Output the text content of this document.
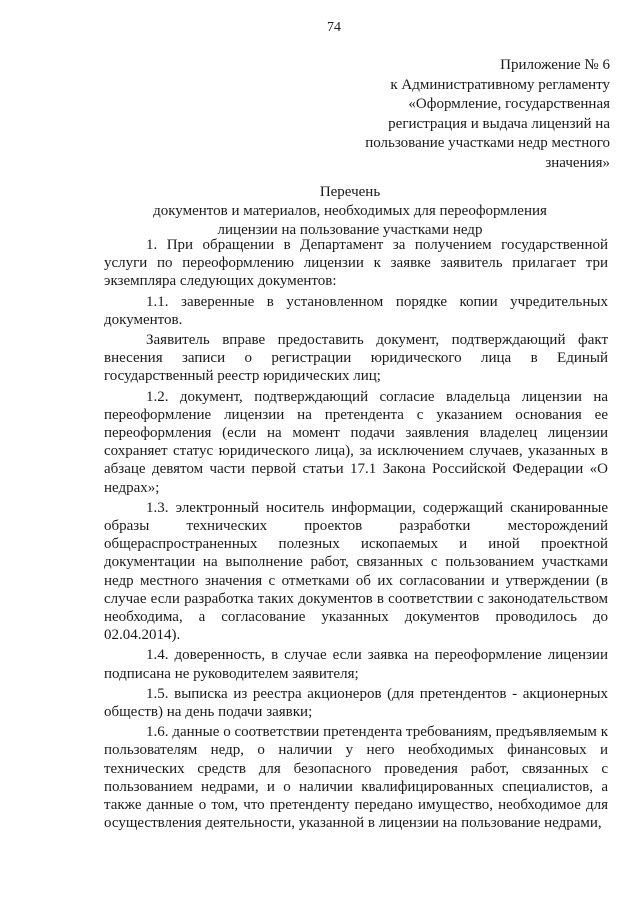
74
Приложение № 6
к Административному регламенту
«Оформление, государственная
регистрация и выдача лицензий на
пользование участками недр местного
значения»
Перечень
документов и материалов, необходимых для переоформления
лицензии на пользование участками недр

1. При обращении в Департамент за получением государственной услуги по переоформлению лицензии к заявке заявитель прилагает три экземпляра следующих документов:

1.1. заверенные в установленном порядке копии учредительных документов.

Заявитель вправе предоставить документ, подтверждающий факт внесения записи о регистрации юридического лица в Единый государственный реестр юридических лиц;

1.2. документ, подтверждающий согласие владельца лицензии на переоформление лицензии на претендента с указанием основания ее переоформления (если на момент подачи заявления владелец лицензии сохраняет статус юридического лица), за исключением случаев, указанных в абзаце девятом части первой статьи 17.1 Закона Российской Федерации «О недрах»;

1.3. электронный носитель информации, содержащий сканированные образы технических проектов разработки месторождений общераспространенных полезных ископаемых и иной проектной документации на выполнение работ, связанных с пользованием участками недр местного значения с отметками об их согласовании и утверждении (в случае если разработка таких документов в соответствии с законодательством необходима, а согласование указанных документов проводилось до 02.04.2014).

1.4. доверенность, в случае если заявка на переоформление лицензии подписана не руководителем заявителя;

1.5. выписка из реестра акционеров (для претендентов - акционерных обществ) на день подачи заявки;

1.6. данные о соответствии претендента требованиям, предъявляемым к пользователям недр, о наличии у него необходимых финансовых и технических средств для безопасного проведения работ, связанных с пользованием недрами, и о наличии квалифицированных специалистов, а также данные о том, что претенденту передано имущество, необходимое для осуществления деятельности, указанной в лицензии на пользование недрами,
